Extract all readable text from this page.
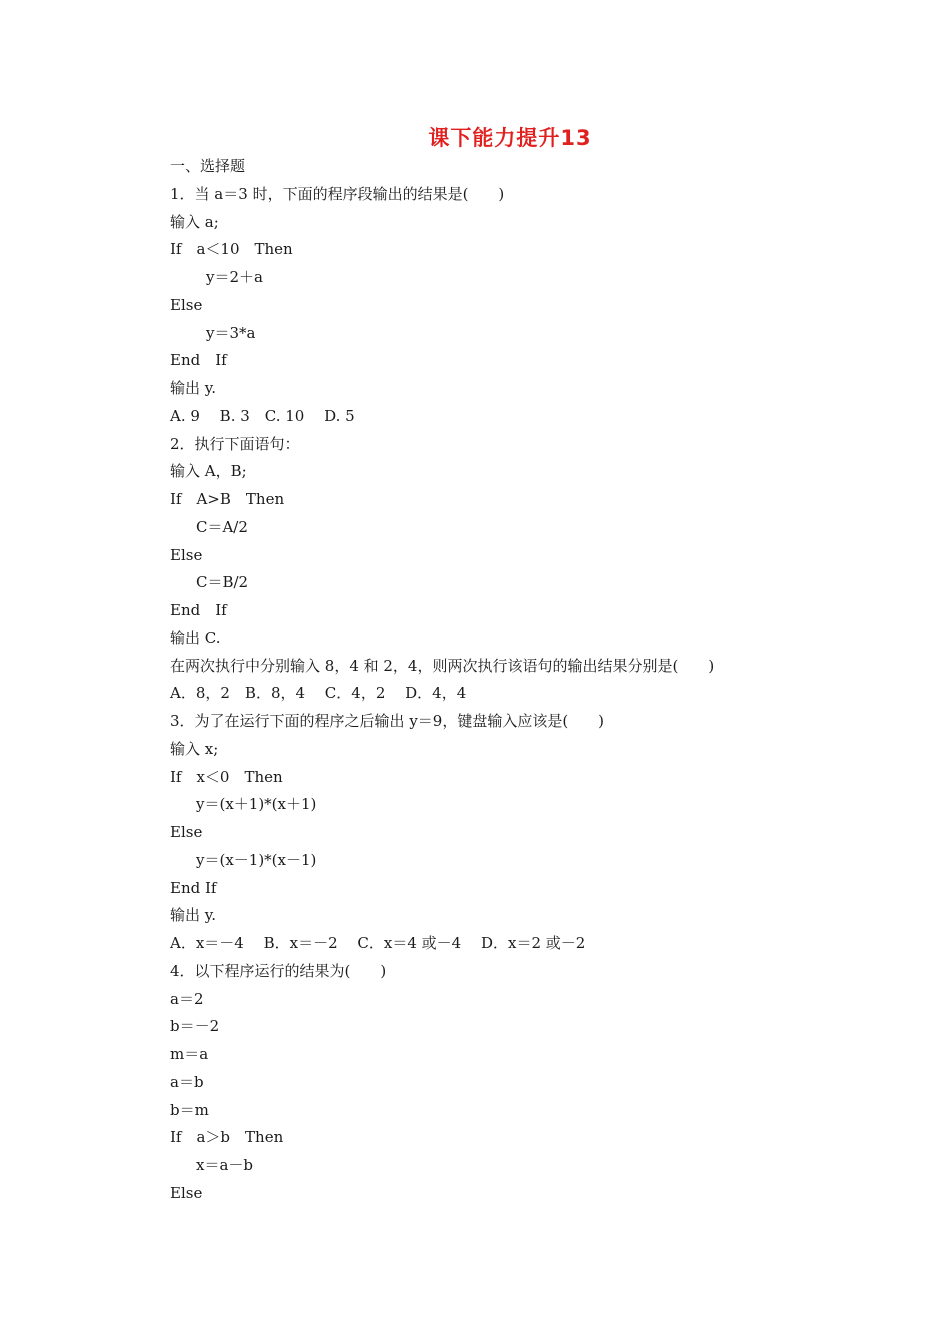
课下能力提升13
一、选择题
1．当 a＝3 时，下面的程序段输出的结果是(　　)
输入 a;
If　a＜10　Then
y＝2＋a
Else
y＝3*a
End　If
输出 y.
A. 9　 B. 3　C. 10　 D. 5
2．执行下面语句：
输入 A，B;
If　A>B　Then
C＝A/2
Else
C＝B/2
End　If
输出 C.
在两次执行中分别输入 8，4 和 2，4，则两次执行该语句的输出结果分别是(　　)
A．8，2　B．8，4　 C．4，2　 D．4，4
3．为了在运行下面的程序之后输出 y＝9，键盘输入应该是(　　)
输入 x;
If　x＜0　Then
y＝(x＋1)*(x＋1)
Else
y＝(x－1)*(x－1)
End If
输出 y.
A．x＝－4　 B．x＝－2　 C．x＝4 或－4　 D．x＝2 或－2
4．以下程序运行的结果为(　　)
a＝2
b＝－2
m＝a
a＝b
b＝m
If　a＞b　Then
x＝a－b
Else
